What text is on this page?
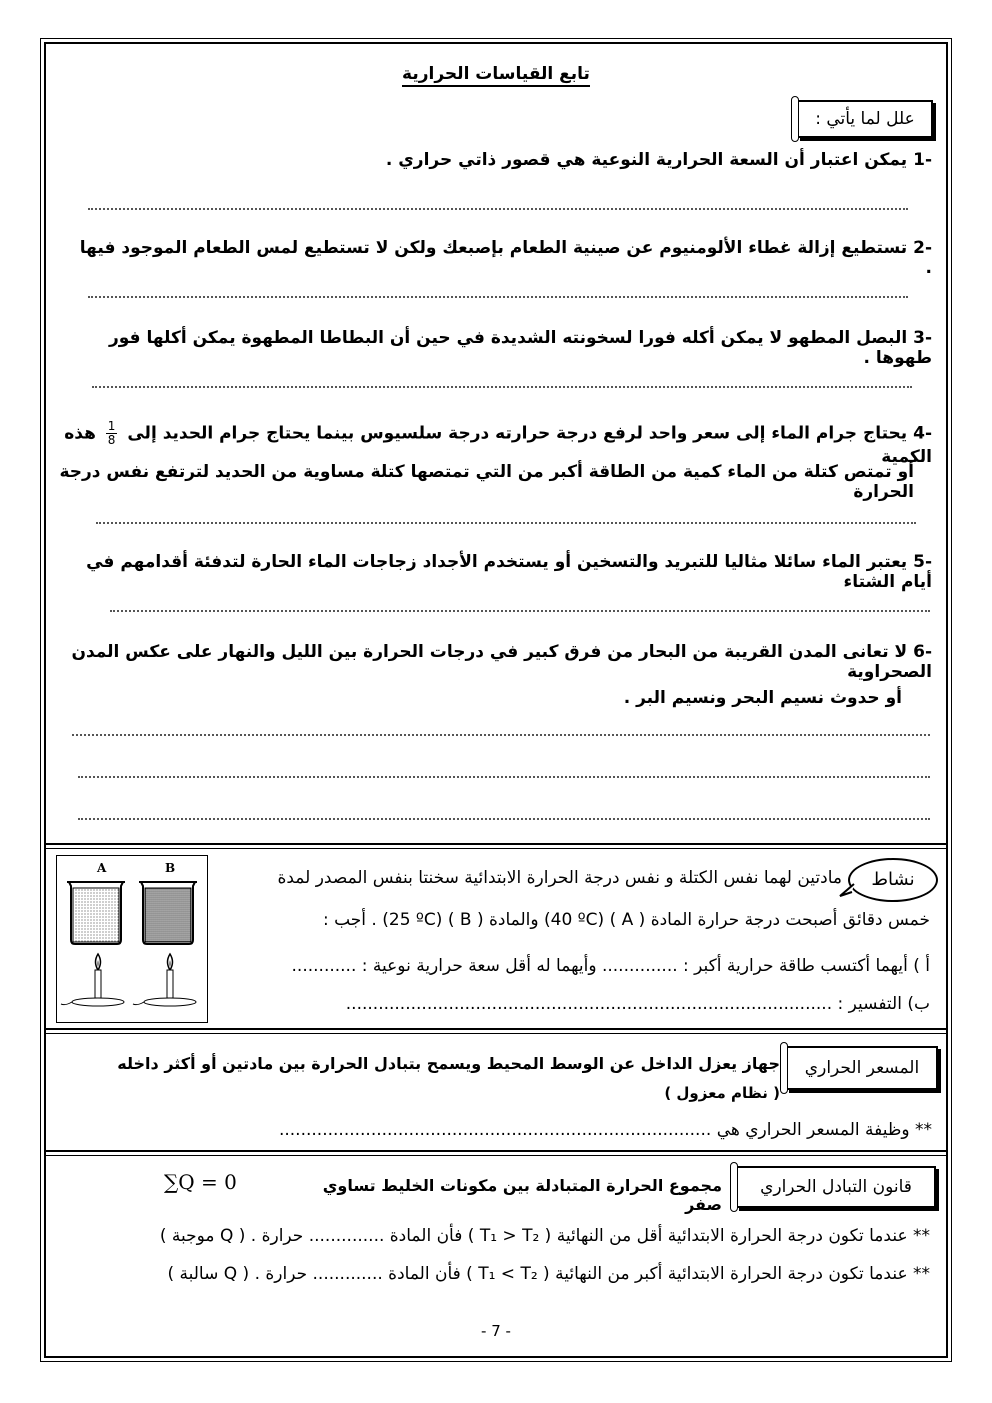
تابع القياسات الحرارية
علل لما يأتي :
-1 يمكن اعتبار أن السعة الحرارية النوعية هي قصور ذاتي حراري .
-2 تستطيع إزالة غطاء الألومنيوم عن صينية الطعام بإصبعك ولكن لا تستطيع لمس الطعام الموجود فيها .
-3 البصل المطهو لا يمكن أكله فورا لسخونته الشديدة في حين أن البطاطا المطهوة يمكن أكلها فور طهوها .
-4 يحتاج جرام الماء إلى سعر واحد لرفع درجة حرارته درجة سلسيوس بينما يحتاج جرام الحديد إلى
$\frac{1}{8}$
هذه الكمية
أو تمتص كتلة من الماء كمية من الطاقة أكبر من التي تمتصها كتلة مساوية من الحديد لترتفع نفس درجة الحرارة
-5 يعتبر الماء سائلا مثاليا للتبريد والتسخين أو يستخدم الأجداد زجاجات الماء الحارة لتدفئة أقدامهم في أيام الشتاء
-6 لا تعانى المدن القريبة من البحار من فرق كبير في درجات الحرارة بين الليل والنهار على عكس المدن الصحراوية
أو حدوث نسيم البحر ونسيم البر .
نشاط
مادتين لهما نفس الكتلة و نفس درجة الحرارة الابتدائية سخنتا بنفس المصدر لمدة
خمس دقائق أصبحت درجة حرارة المادة ( A ) (40 ºC) والمادة ( B ) (25 ºC) . أجب :
أ ) أيهما أكتسب طاقة حرارية أكبر : .............. وأيهما له أقل سعة حرارية نوعية : ............
ب) التفسير : ..........................................................................................
A	B
المسعر الحراري
جهاز يعزل الداخل عن الوسط المحيط ويسمح بتبادل الحرارة بين مادتين أو أكثر داخله
( نظام معزول )
** وظيفة المسعر الحراري هي ................................................................................
قانون التبادل الحراري
مجموع الحرارة المتبادلة بين مكونات الخليط تساوي صفر
∑Q = 0
** عندما تكون درجة الحرارة الابتدائية أقل من النهائية ( T₁ > T₂ ) فأن المادة .............. حرارة . ( Q موجبة )
** عندما تكون درجة الحرارة الابتدائية أكبر من النهائية ( T₁ < T₂ ) فأن المادة ............. حرارة . ( Q سالبة )
- 7 -
